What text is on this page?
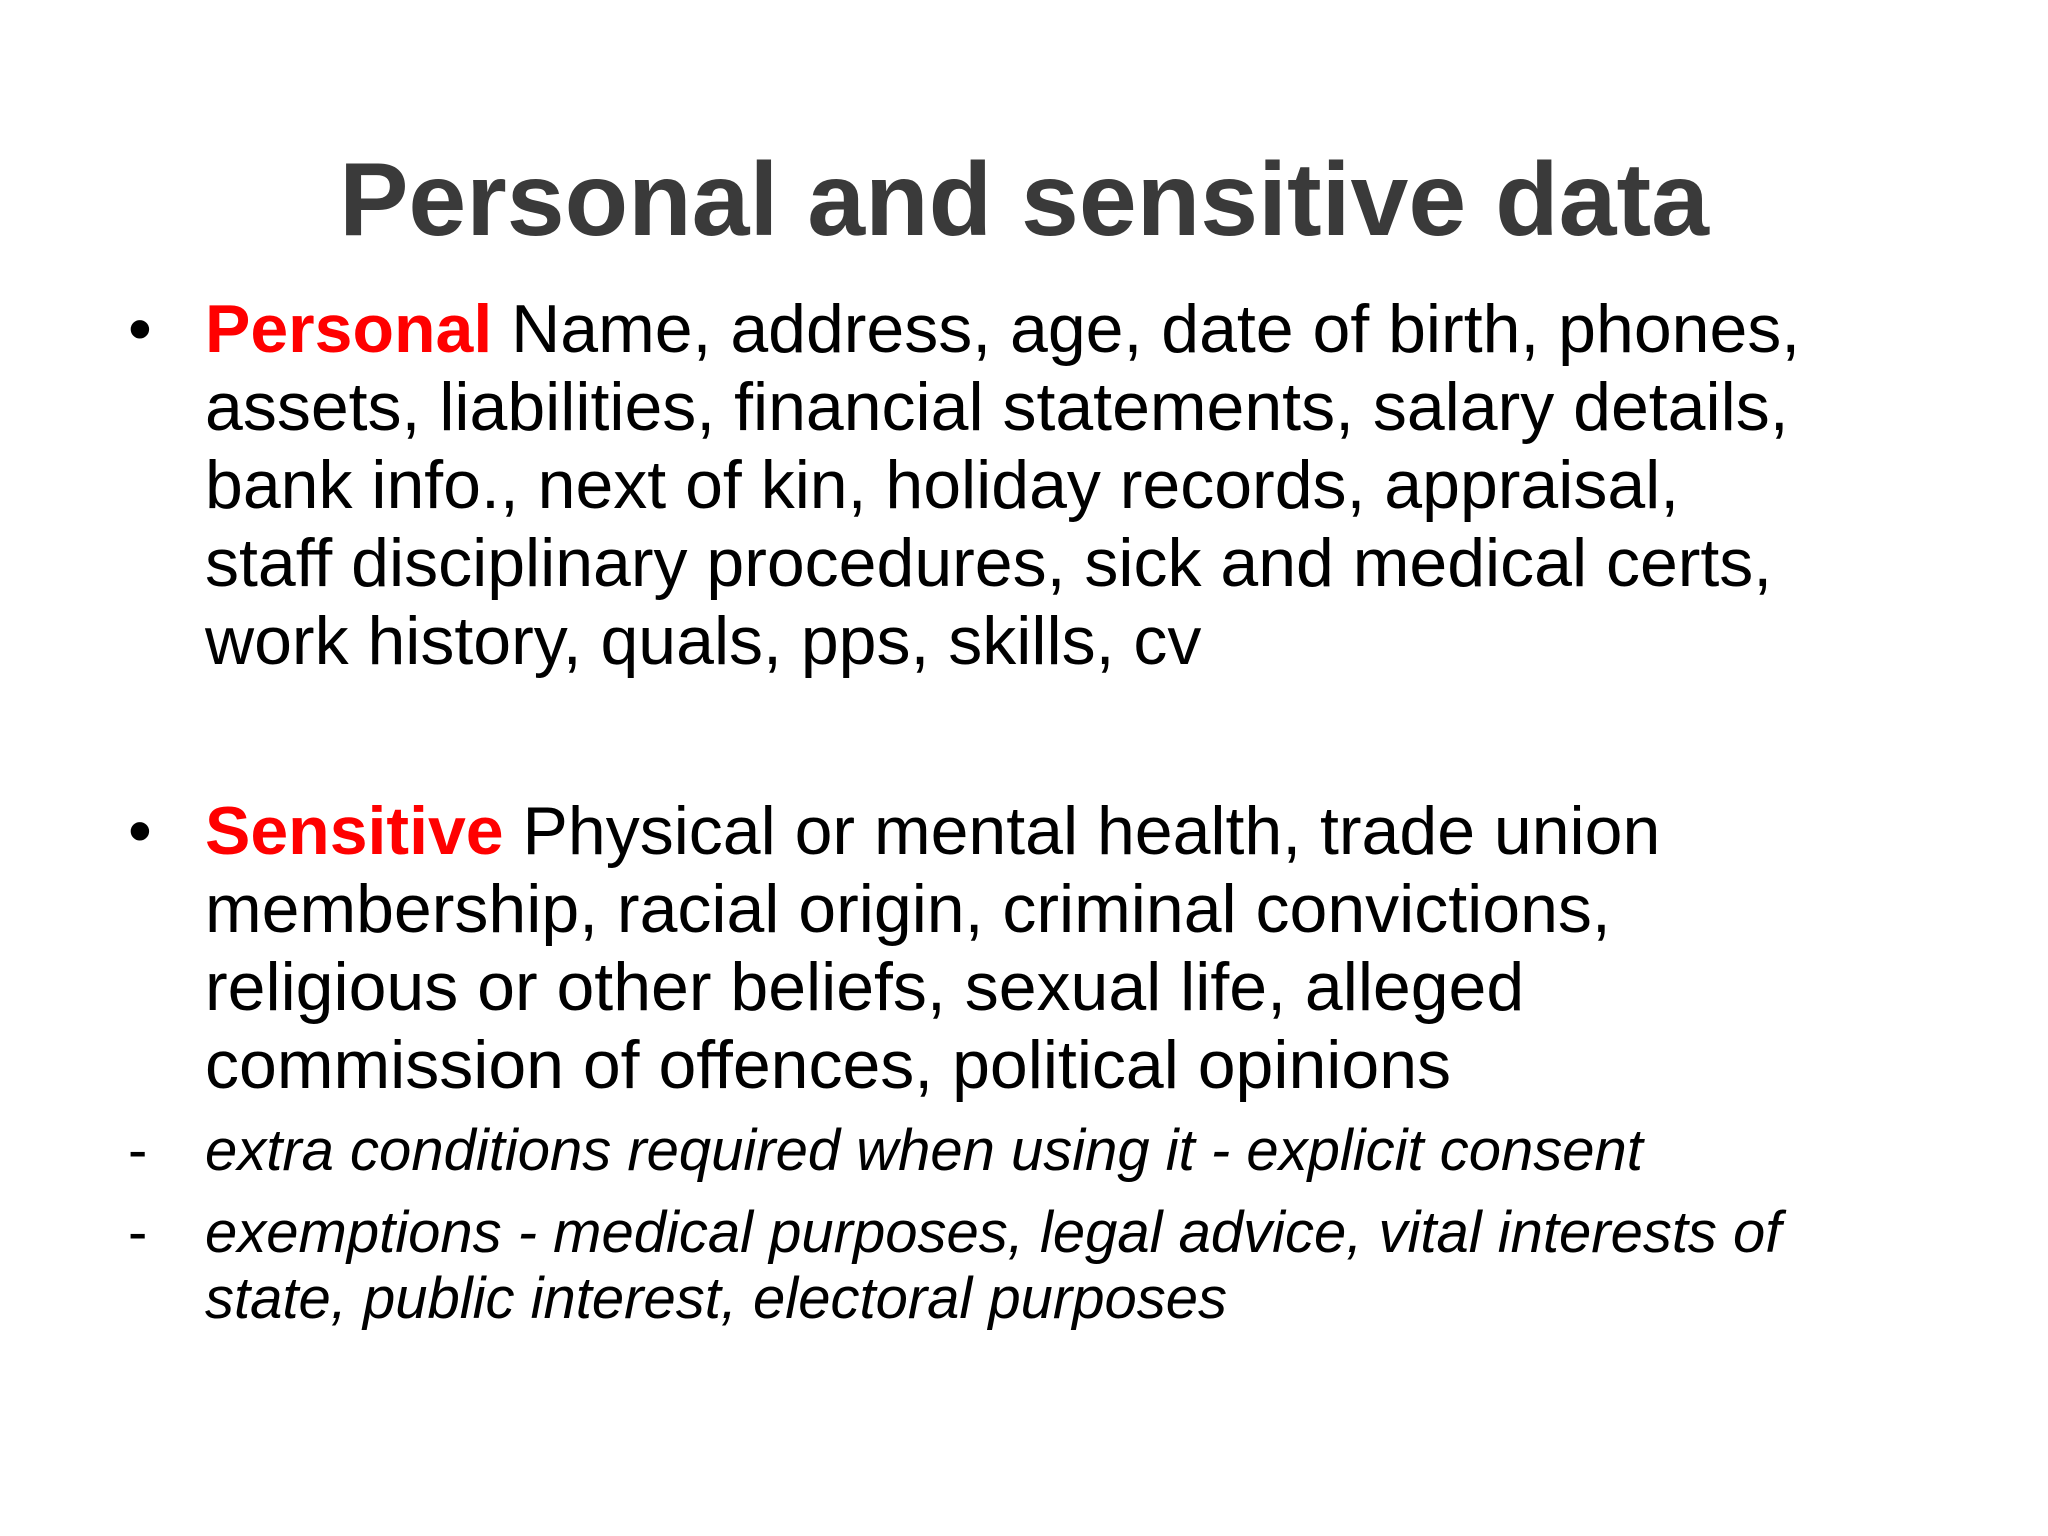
Personal and sensitive data
• Personal Name, address, age, date of birth, phones,
assets, liabilities, financial statements, salary details,
bank info., next of kin, holiday records, appraisal,
staff disciplinary procedures, sick and medical certs,
work history, quals, pps, skills, cv
• Sensitive Physical or mental health, trade union
membership, racial origin, criminal convictions,
religious or other beliefs, sexual life, alleged
commission of offences, political opinions
- extra conditions required when using it - explicit consent
- exemptions - medical purposes, legal advice, vital interests of
state, public interest, electoral purposes
